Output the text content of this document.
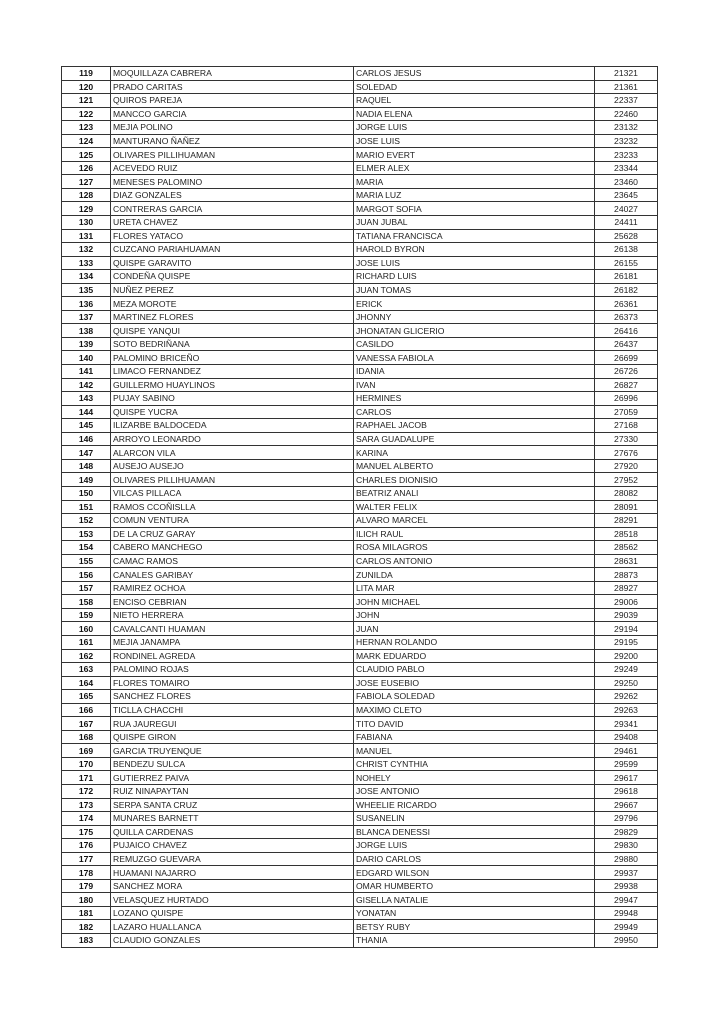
119	MOQUILLAZA CABRERA	CARLOS JESUS	21321
120	PRADO CARITAS	SOLEDAD	21361
121	QUIROS PAREJA	RAQUEL	22337
122	MANCCO GARCIA	NADIA ELENA	22460
123	MEJIA POLINO	JORGE LUIS	23132
124	MANTURANO ÑAÑEZ	JOSE LUIS	23232
125	OLIVARES PILLIHUAMAN	MARIO EVERT	23233
126	ACEVEDO RUIZ	ELMER ALEX	23344
127	MENESES PALOMINO	MARIA	23460
128	DIAZ GONZALES	MARIA LUZ	23645
129	CONTRERAS GARCIA	MARGOT SOFIA	24027
130	URETA CHAVEZ	JUAN JUBAL	24411
131	FLORES YATACO	TATIANA FRANCISCA	25628
132	CUZCANO PARIAHUAMAN	HAROLD BYRON	26138
133	QUISPE GARAVITO	JOSE LUIS	26155
134	CONDEÑA QUISPE	RICHARD LUIS	26181
135	NUÑEZ PEREZ	JUAN TOMAS	26182
136	MEZA MOROTE	ERICK	26361
137	MARTINEZ FLORES	JHONNY	26373
138	QUISPE YANQUI	JHONATAN GLICERIO	26416
139	SOTO BEDRIÑANA	CASILDO	26437
140	PALOMINO BRICEÑO	VANESSA FABIOLA	26699
141	LIMACO FERNANDEZ	IDANIA	26726
142	GUILLERMO HUAYLINOS	IVAN	26827
143	PUJAY SABINO	HERMINES	26996
144	QUISPE YUCRA	CARLOS	27059
145	ILIZARBE BALDOCEDA	RAPHAEL JACOB	27168
146	ARROYO LEONARDO	SARA GUADALUPE	27330
147	ALARCON VILA	KARINA	27676
148	AUSEJO AUSEJO	MANUEL ALBERTO	27920
149	OLIVARES PILLIHUAMAN	CHARLES DIONISIO	27952
150	VILCAS PILLACA	BEATRIZ ANALI	28082
151	RAMOS CCOÑISLLA	WALTER FELIX	28091
152	COMUN VENTURA	ALVARO MARCEL	28291
153	DE LA CRUZ GARAY	ILICH RAUL	28518
154	CABERO MANCHEGO	ROSA MILAGROS	28562
155	CAMAC RAMOS	CARLOS ANTONIO	28631
156	CANALES GARIBAY	ZUNILDA	28873
157	RAMIREZ OCHOA	LITA MAR	28927
158	ENCISO CEBRIAN	JOHN MICHAEL	29006
159	NIETO HERRERA	JOHN	29039
160	CAVALCANTI HUAMAN	JUAN	29194
161	MEJIA JANAMPA	HERNAN ROLANDO	29195
162	RONDINEL AGREDA	MARK EDUARDO	29200
163	PALOMINO ROJAS	CLAUDIO PABLO	29249
164	FLORES TOMAIRO	JOSE EUSEBIO	29250
165	SANCHEZ FLORES	FABIOLA SOLEDAD	29262
166	TICLLA CHACCHI	MAXIMO CLETO	29263
167	RUA JAUREGUI	TITO DAVID	29341
168	QUISPE GIRON	FABIANA	29408
169	GARCIA TRUYENQUE	MANUEL	29461
170	BENDEZU SULCA	CHRIST CYNTHIA	29599
171	GUTIERREZ PAIVA	NOHELY	29617
172	RUIZ NINAPAYTAN	JOSE ANTONIO	29618
173	SERPA SANTA CRUZ	WHEELIE RICARDO	29667
174	MUNARES BARNETT	SUSANELIN	29796
175	QUILLA CARDENAS	BLANCA DENESSI	29829
176	PUJAICO CHAVEZ	JORGE LUIS	29830
177	REMUZGO GUEVARA	DARIO CARLOS	29880
178	HUAMANI NAJARRO	EDGARD WILSON	29937
179	SANCHEZ MORA	OMAR HUMBERTO	29938
180	VELASQUEZ HURTADO	GISELLA NATALIE	29947
181	LOZANO QUISPE	YONATAN	29948
182	LAZARO HUALLANCA	BETSY RUBY	29949
183	CLAUDIO GONZALES	THANIA	29950
